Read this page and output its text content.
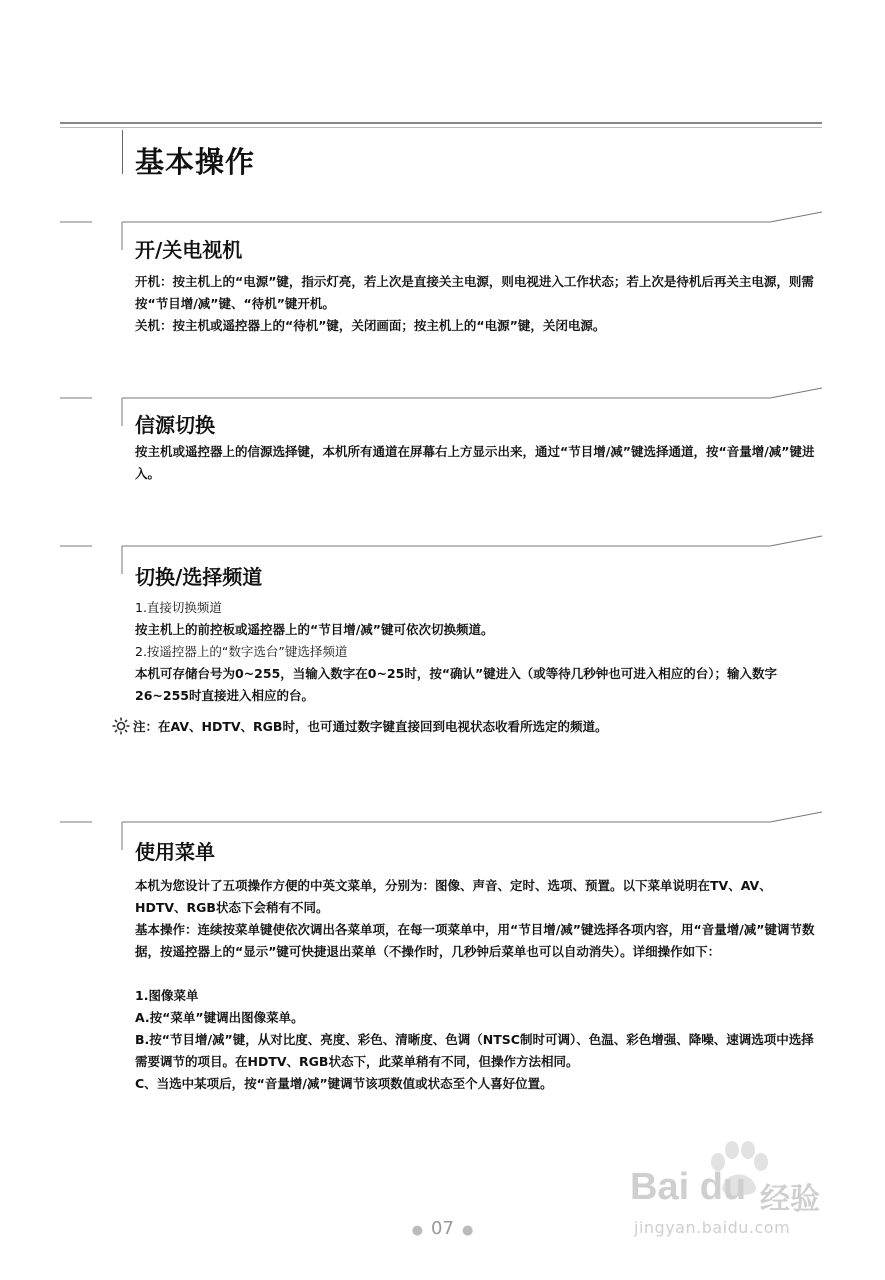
基本操作
开/关电视机

开机：按主机上的“电源”键，指示灯亮，若上次是直接关主电源，则电视进入工作状态；若上次是待机后再关主电源，则需按“节目增/减”键、“待机”键开机。

关机：按主机或遥控器上的“待机”键，关闭画面；按主机上的“电源”键，关闭电源。

信源切换

按主机或遥控器上的信源选择键，本机所有通道在屏幕右上方显示出来，通过“节目增/减”键选择通道，按“音量增/减”键进入。

切换/选择频道

1.直接切换频道

按主机上的前控板或遥控器上的“节目增/减”键可依次切换频道。

2.按遥控器上的“数字选台”键选择频道

本机可存储台号为0~255，当输入数字在0~25时，按“确认”键进入（或等待几秒钟也可进入相应的台）；输入数字26~255时直接进入相应的台。

注：在AV、HDTV、RGB时，也可通过数字键直接回到电视状态收看所选定的频道。
使用菜单

本机为您设计了五项操作方便的中英文菜单，分别为：图像、声音、定时、选项、预置。以下菜单说明在TV、AV、HDTV、RGB状态下会稍有不同。

基本操作：连续按菜单键使依次调出各菜单项，在每一项菜单中，用“节目增/减”键选择各项内容，用“音量增/减”键调节数据，按遥控器上的“显示”键可快捷退出菜单（不操作时，几秒钟后菜单也可以自动消失）。详细操作如下：

1.图像菜单

A.按“菜单”键调出图像菜单。

B.按“节目增/减”键，从对比度、亮度、彩色、清晰度、色调（NTSC制时可调）、色温、彩色增强、降噪、速调选项中选择需要调节的项目。在HDTV、RGB状态下，此菜单稍有不同，但操作方法相同。

C、当选中某项后，按“音量增/减”键调节该项数值或状态至个人喜好位置。

● 07 ●
Bai du 经验
jingyan.baidu.com
